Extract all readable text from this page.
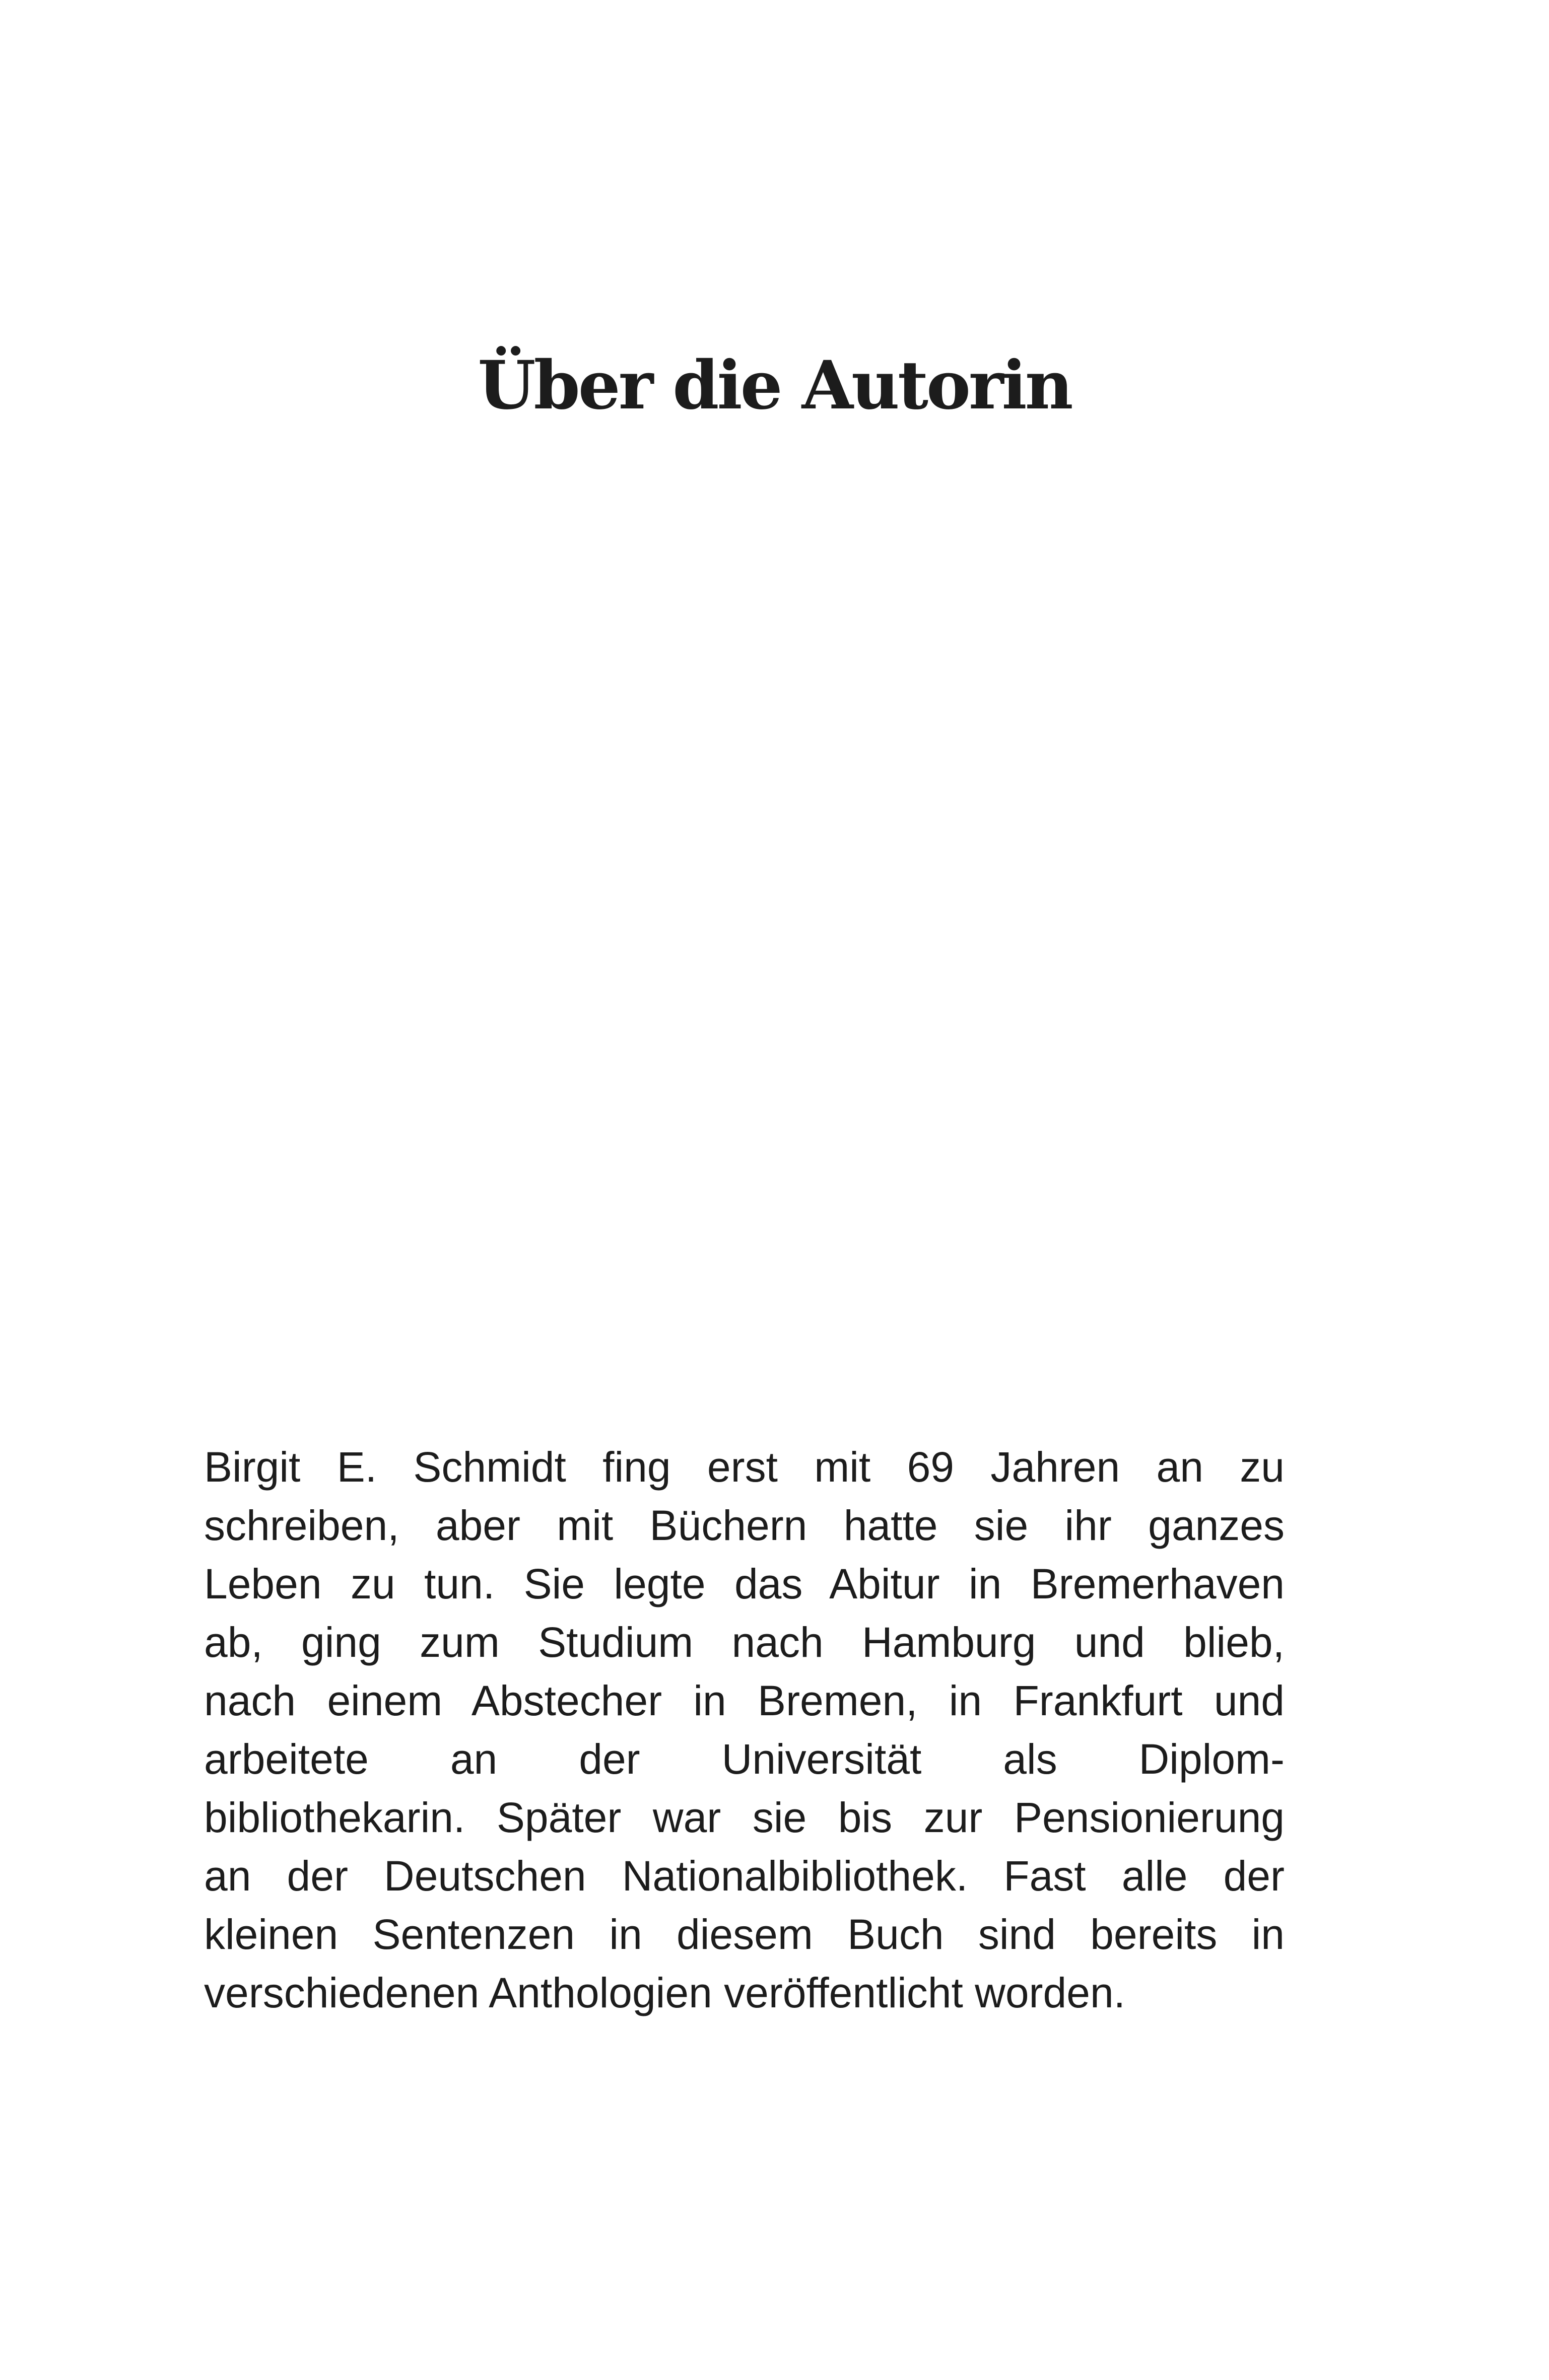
Über die Autorin

Birgit E. Schmidt fing erst mit 69 Jahren an zu
schreiben, aber mit Büchern hatte sie ihr ganzes
Leben zu tun. Sie legte das Abitur in Bremerhaven
ab, ging zum Studium nach Hamburg und blieb,
nach einem Abstecher in Bremen, in Frankfurt und
arbeitete an der Universität als Diplom-
bibliothekarin. Später war sie bis zur Pensionierung
an der Deutschen Nationalbibliothek. Fast alle der
kleinen Sentenzen in diesem Buch sind bereits in
verschiedenen Anthologien veröffentlicht worden.
